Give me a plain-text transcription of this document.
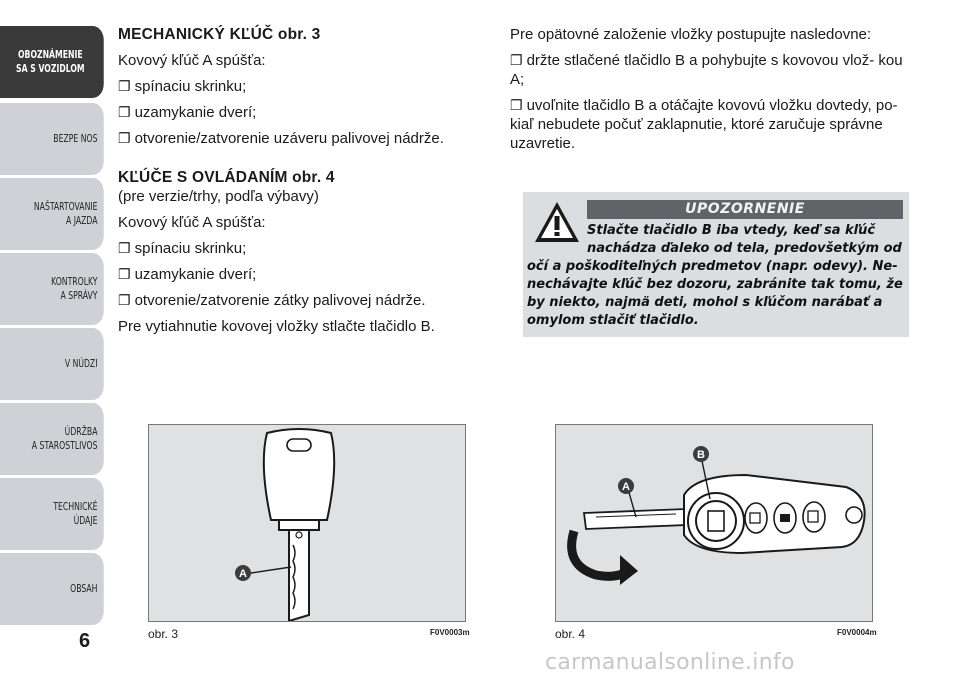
OBOZNÁMENIE
SA S VOZIDLOM
BEZPE NOS
NAŠTARTOVANIE
A JAZDA
KONTROLKY
A SPRÁVY
V NÚDZI
ÚDRŽBA
A STAROSTLIVOS
TECHNICKÉ
ÚDAJE
OBSAH
6

MECHANICKÝ KĽÚČ obr. 3

Kovový kľúč A spúšťa:

❐ spínaciu skrinku;

❐ uzamykanie dverí;

❐ otvorenie/zatvorenie uzáveru palivovej nádrže.

KĽÚČE S OVLÁDANÍM obr. 4

(pre verzie/trhy, podľa výbavy)

Kovový kľúč A spúšťa:

❐ spínaciu skrinku;

❐ uzamykanie dverí;

❐ otvorenie/zatvorenie zátky palivovej nádrže.

Pre vytiahnutie kovovej vložky stlačte tlačidlo B.

Pre opätovné založenie vložky postupujte nasledovne:

❐ držte stlačené tlačidlo B a pohybujte s kovovou vlož- kou A;

❐ uvoľnite tlačidlo B a otáčajte kovovú vložku dovtedy, po- kiaľ nebudete počuť zaklapnutie, ktoré zaručuje správne uzavretie.

UPOZORNENIE
Stlačte tlačidlo B iba vtedy, keď sa kľúč
nachádza ďaleko od tela, predovšetkým od
očí a poškoditeľných predmetov (napr. odevy). Ne- nechávajte kľúč bez dozoru, zabránite tak tomu, že by niekto, najmä deti, mohol s kľúčom narábať a omylom stlačiť tlačidlo.
A
obr. 3	F0V0003m
A
B
obr. 4	F0V0004m
carmanualsonline.info
